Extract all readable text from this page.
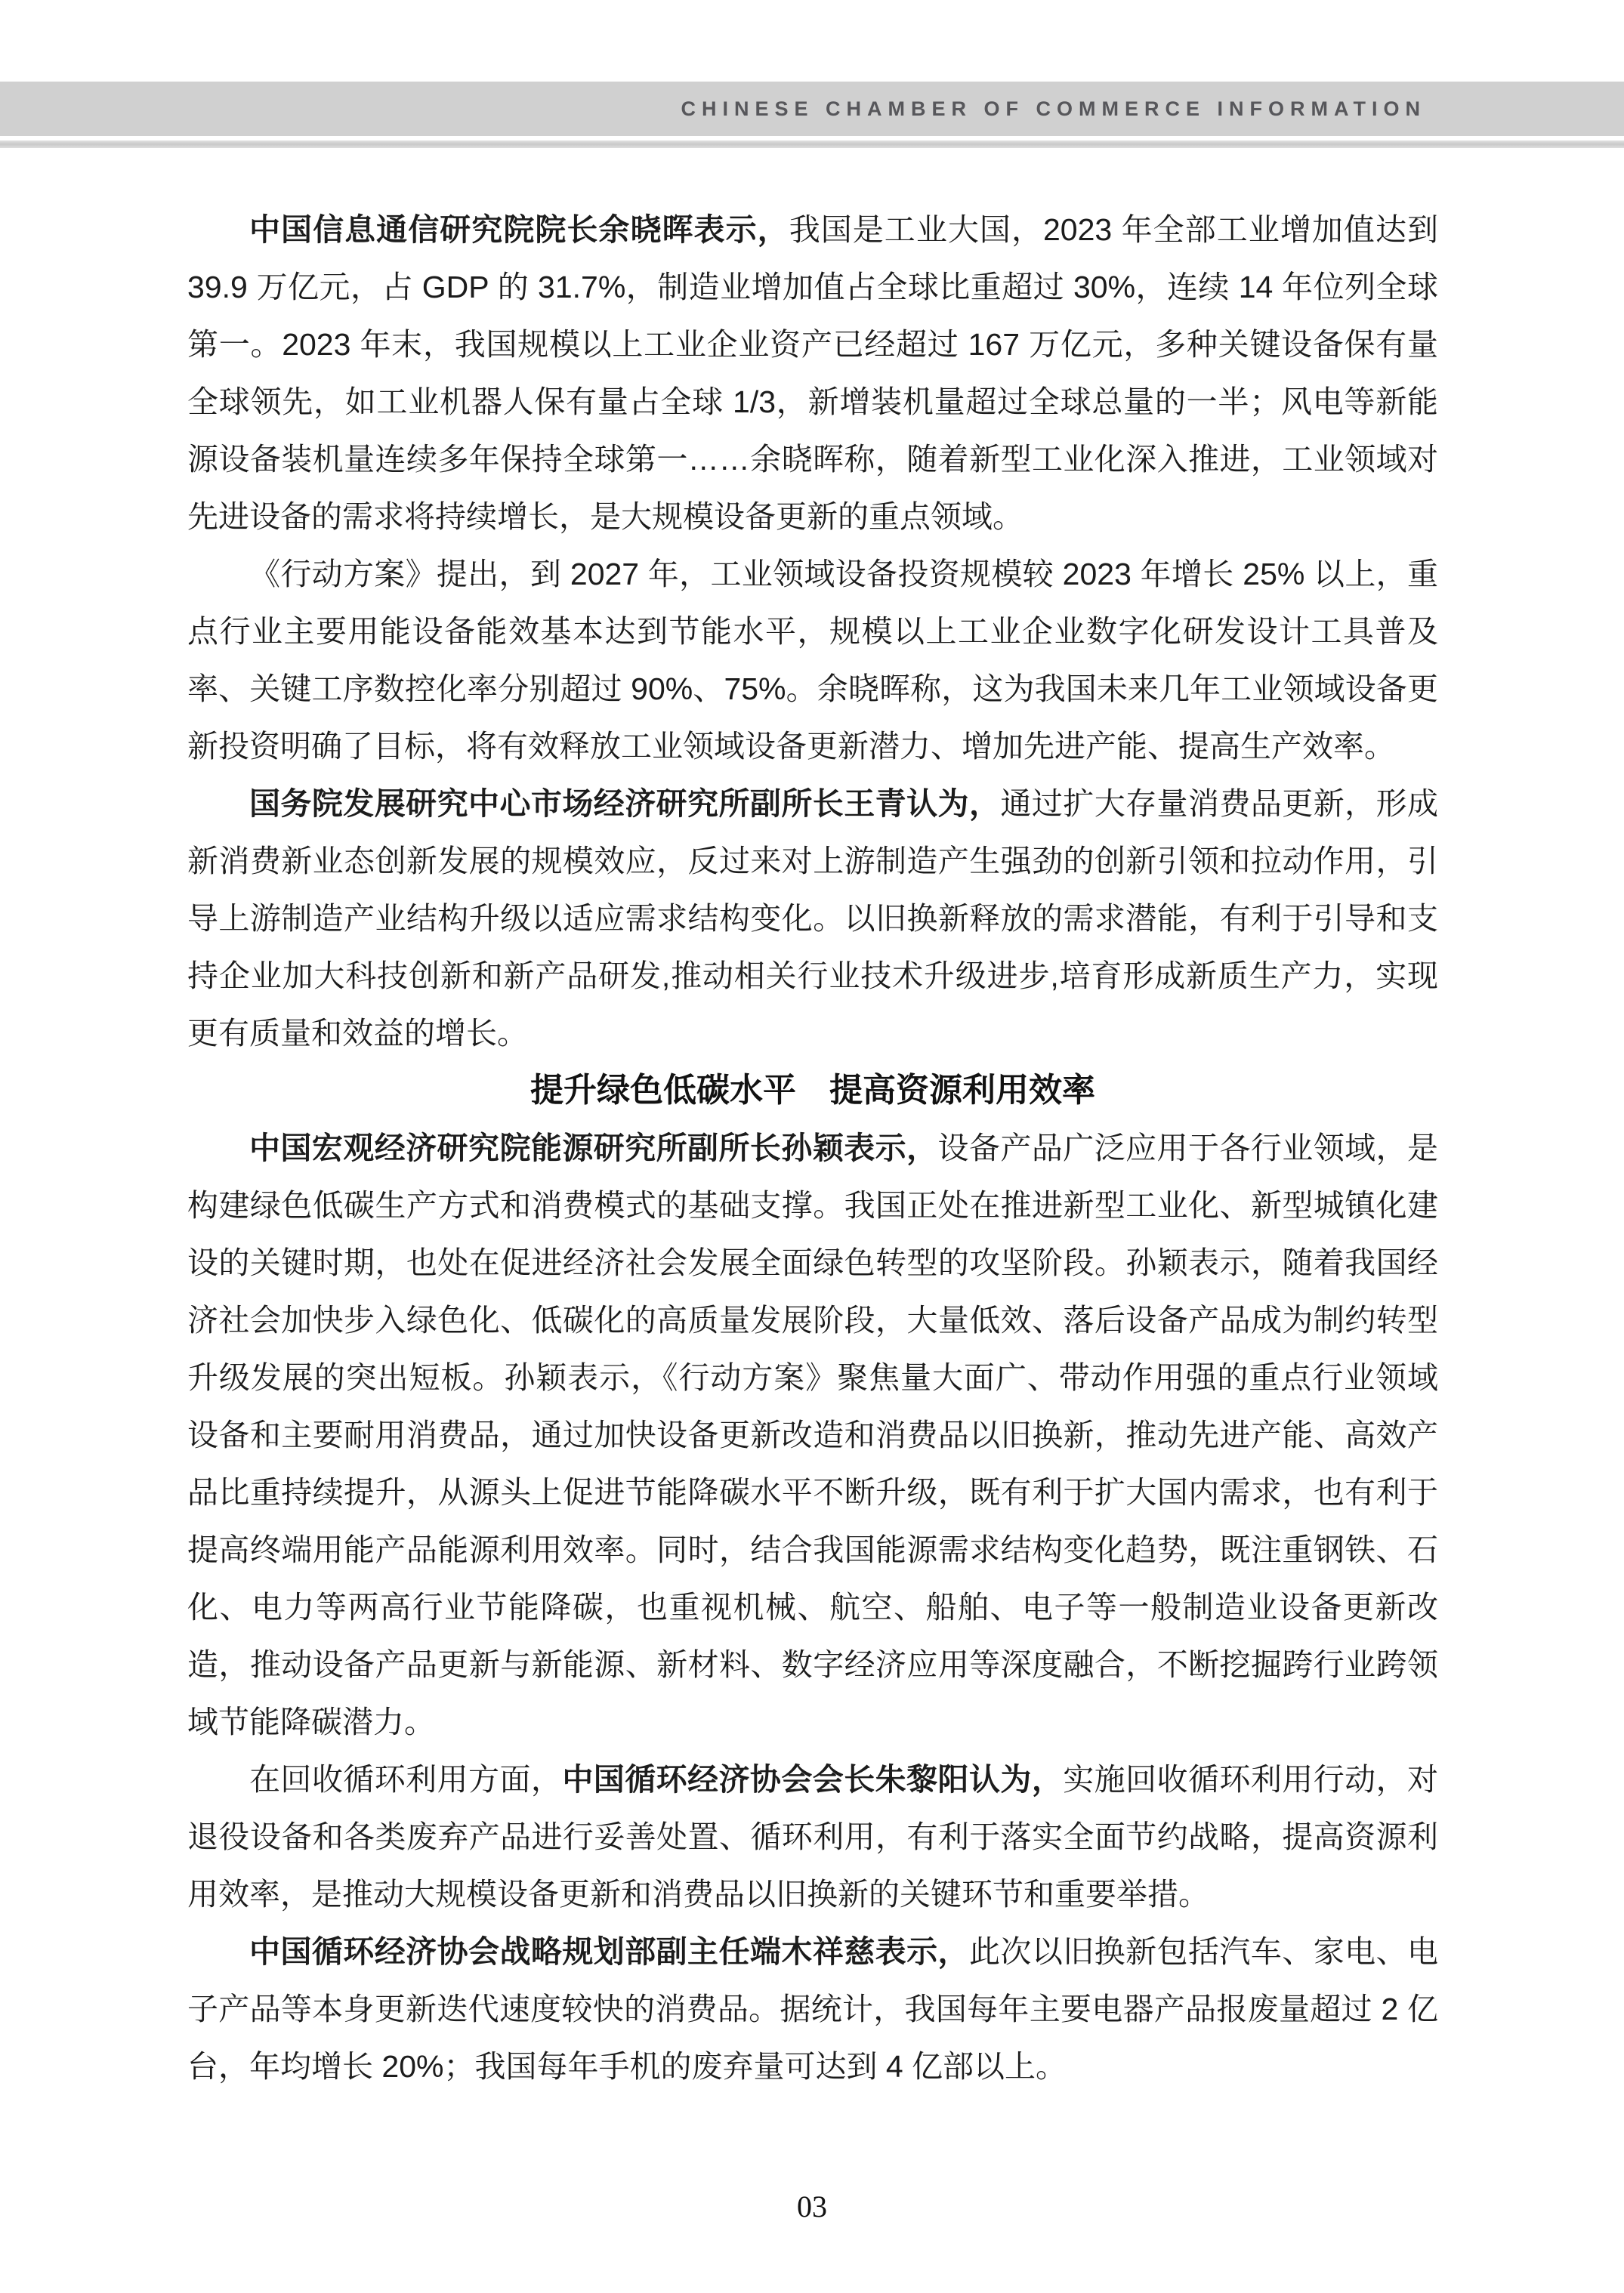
CHINESE CHAMBER OF COMMERCE INFORMATION

中国信息通信研究院院长余晓晖表示，我国是工业大国，2023 年全部工业增加值达到 39.9 万亿元，占 GDP 的 31.7%，制造业增加值占全球比重超过 30%，连续 14 年位列全球第一。2023 年末，我国规模以上工业企业资产已经超过 167 万亿元，多种关键设备保有量全球领先，如工业机器人保有量占全球 1/3，新增装机量超过全球总量的一半；风电等新能源设备装机量连续多年保持全球第一……余晓晖称，随着新型工业化深入推进，工业领域对先进设备的需求将持续增长，是大规模设备更新的重点领域。

《行动方案》提出，到 2027 年，工业领域设备投资规模较 2023 年增长 25% 以上，重点行业主要用能设备能效基本达到节能水平，规模以上工业企业数字化研发设计工具普及率、关键工序数控化率分别超过 90%、75%。余晓晖称，这为我国未来几年工业领域设备更新投资明确了目标，将有效释放工业领域设备更新潜力、增加先进产能、提高生产效率。

国务院发展研究中心市场经济研究所副所长王青认为，通过扩大存量消费品更新，形成新消费新业态创新发展的规模效应，反过来对上游制造产生强劲的创新引领和拉动作用，引导上游制造产业结构升级以适应需求结构变化。以旧换新释放的需求潜能，有利于引导和支持企业加大科技创新和新产品研发,推动相关行业技术升级进步,培育形成新质生产力，实现更有质量和效益的增长。

提升绿色低碳水平　提高资源利用效率

中国宏观经济研究院能源研究所副所长孙颖表示，设备产品广泛应用于各行业领域，是构建绿色低碳生产方式和消费模式的基础支撑。我国正处在推进新型工业化、新型城镇化建设的关键时期，也处在促进经济社会发展全面绿色转型的攻坚阶段。孙颖表示，随着我国经济社会加快步入绿色化、低碳化的高质量发展阶段，大量低效、落后设备产品成为制约转型升级发展的突出短板。孙颖表示，《行动方案》聚焦量大面广、带动作用强的重点行业领域设备和主要耐用消费品，通过加快设备更新改造和消费品以旧换新，推动先进产能、高效产品比重持续提升，从源头上促进节能降碳水平不断升级，既有利于扩大国内需求，也有利于提高终端用能产品能源利用效率。同时，结合我国能源需求结构变化趋势，既注重钢铁、石化、电力等两高行业节能降碳，也重视机械、航空、船舶、电子等一般制造业设备更新改造，推动设备产品更新与新能源、新材料、数字经济应用等深度融合，不断挖掘跨行业跨领域节能降碳潜力。

在回收循环利用方面，中国循环经济协会会长朱黎阳认为，实施回收循环利用行动，对退役设备和各类废弃产品进行妥善处置、循环利用，有利于落实全面节约战略，提高资源利用效率，是推动大规模设备更新和消费品以旧换新的关键环节和重要举措。

中国循环经济协会战略规划部副主任端木祥慈表示，此次以旧换新包括汽车、家电、电子产品等本身更新迭代速度较快的消费品。据统计，我国每年主要电器产品报废量超过 2 亿台，年均增长 20%；我国每年手机的废弃量可达到 4 亿部以上。

03
